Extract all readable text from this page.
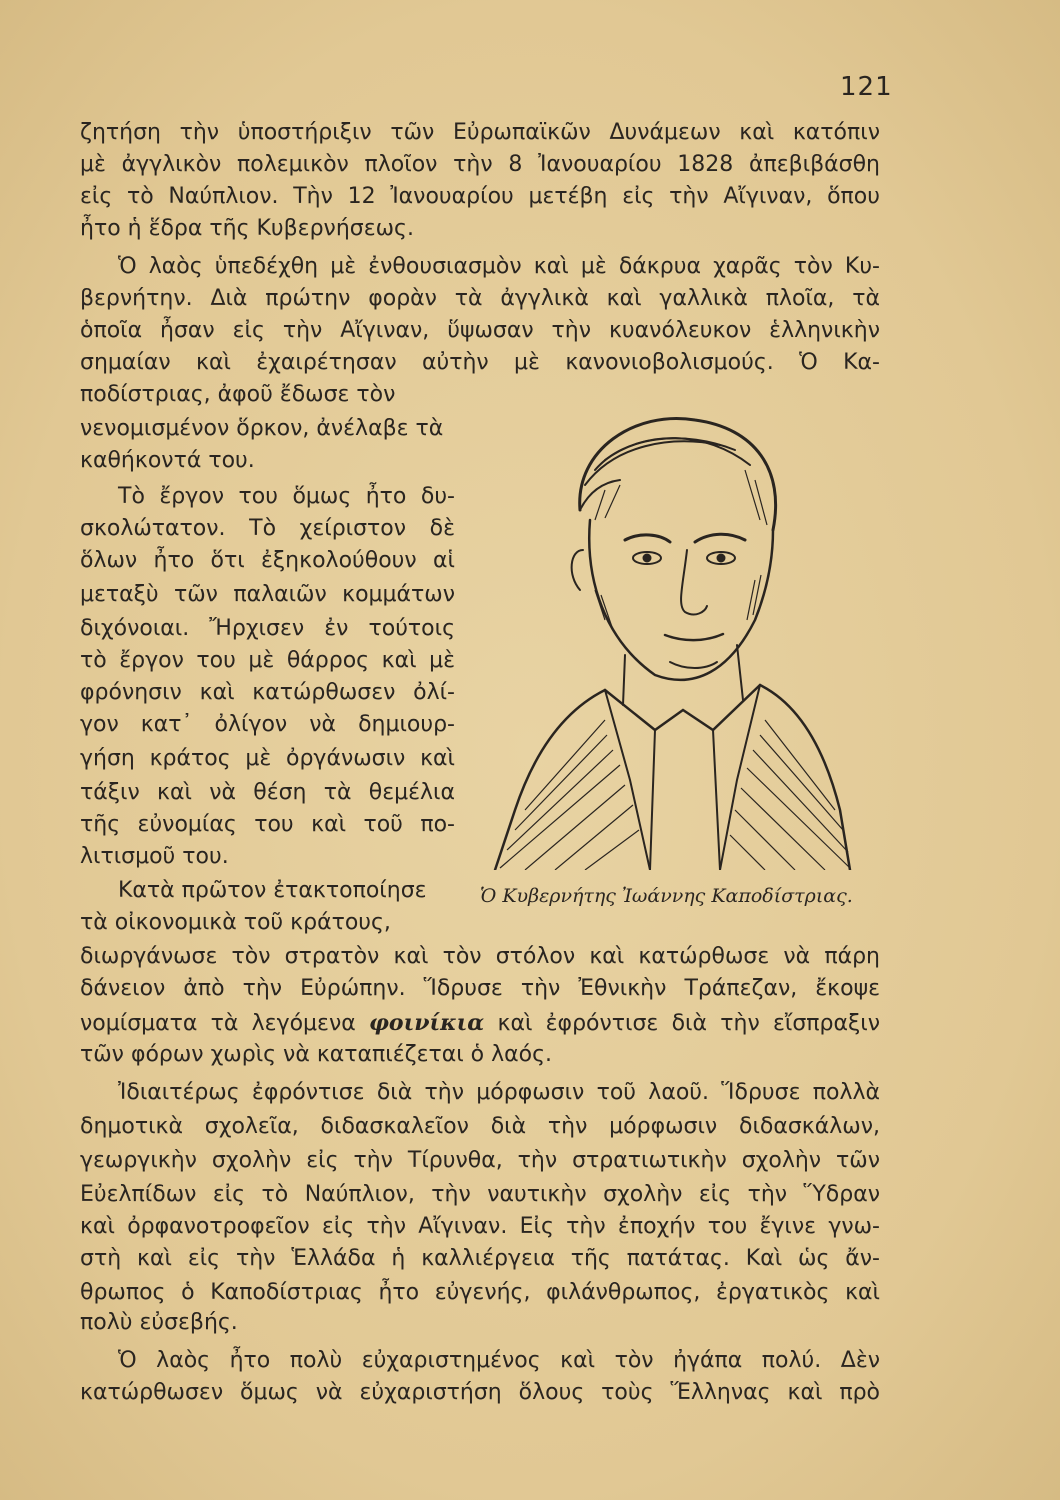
121
ζητήση τὴν ὑποστήριξιν τῶν Εὐρωπαϊκῶν Δυνάμεων καὶ κατόπιν
μὲ ἀγγλικὸν πολεμικὸν πλοῖον τὴν 8 Ἰανουαρίου 1828 ἀπεβιβάσθη
εἰς τὸ Ναύπλιον. Τὴν 12 Ἰανουαρίου μετέβη εἰς τὴν Αἴγιναν, ὅπου
ἦτο ἡ ἕδρα τῆς Κυβερνήσεως.
Ὁ λαὸς ὑπεδέχθη μὲ ἐνθουσιασμὸν καὶ μὲ δάκρυα χαρᾶς τὸν Κυ-
βερνήτην. Διὰ πρώτην φορὰν τὰ ἀγγλικὰ καὶ γαλλικὰ πλοῖα, τὰ
ὁποῖα ἦσαν εἰς τὴν Αἴγιναν, ὕψωσαν τὴν κυανόλευκον ἑλληνικὴν
σημαίαν καὶ ἐχαιρέτησαν αὐτὴν μὲ κανονιοβολισμούς. Ὁ Κα-
ποδίστριας, ἀφοῦ ἔδωσε τὸν
νενομισμένον ὅρκον, ἀνέλαβε τὰ
καθήκοντά του.
Τὸ ἔργον του ὅμως ἦτο δυ-
σκολώτατον. Τὸ χείριστον δὲ
ὅλων ἦτο ὅτι ἐξηκολούθουν αἱ
μεταξὺ τῶν παλαιῶν κομμάτων
διχόνοιαι. Ἤρχισεν ἐν τούτοις
τὸ ἔργον του μὲ θάρρος καὶ μὲ
φρόνησιν καὶ κατώρθωσεν ὀλί-
γον κατ᾽ ὀλίγον νὰ δημιουρ-
γήση κράτος μὲ ὀργάνωσιν καὶ
τάξιν καὶ νὰ θέση τὰ θεμέλια
τῆς εὐνομίας του καὶ τοῦ πο-
λιτισμοῦ του.
Κατὰ πρῶτον ἐτακτοποίησε
τὰ οἰκονομικὰ τοῦ κράτους,
Ὁ Κυβερνήτης Ἰωάννης Καποδίστριας.
διωργάνωσε τὸν στρατὸν καὶ τὸν στόλον καὶ κατώρθωσε νὰ πάρη
δάνειον ἀπὸ τὴν Εὐρώπην. Ἵδρυσε τὴν Ἐθνικὴν Τράπεζαν, ἔκοψε
νομίσματα τὰ λεγόμενα φοινίκια καὶ ἐφρόντισε διὰ τὴν εἴσπραξιν
τῶν φόρων χωρὶς νὰ καταπιέζεται ὁ λαός.
Ἰδιαιτέρως ἐφρόντισε διὰ τὴν μόρφωσιν τοῦ λαοῦ. Ἵδρυσε πολλὰ
δημοτικὰ σχολεῖα, διδασκαλεῖον διὰ τὴν μόρφωσιν διδασκάλων,
γεωργικὴν σχολὴν εἰς τὴν Τίρυνθα, τὴν στρατιωτικὴν σχολὴν τῶν
Εὐελπίδων εἰς τὸ Ναύπλιον, τὴν ναυτικὴν σχολὴν εἰς τὴν Ὕδραν
καὶ ὀρφανοτροφεῖον εἰς τὴν Αἴγιναν. Εἰς τὴν ἐποχήν του ἔγινε γνω-
στὴ καὶ εἰς τὴν Ἑλλάδα ἡ καλλιέργεια τῆς πατάτας. Καὶ ὡς ἄν-
θρωπος ὁ Καποδίστριας ἦτο εὐγενής, φιλάνθρωπος, ἐργατικὸς καὶ
πολὺ εὐσεβής.
Ὁ λαὸς ἦτο πολὺ εὐχαριστημένος καὶ τὸν ἠγάπα πολύ. Δὲν
κατώρθωσεν ὅμως νὰ εὐχαριστήση ὅλους τοὺς Ἕλληνας καὶ πρὸ
